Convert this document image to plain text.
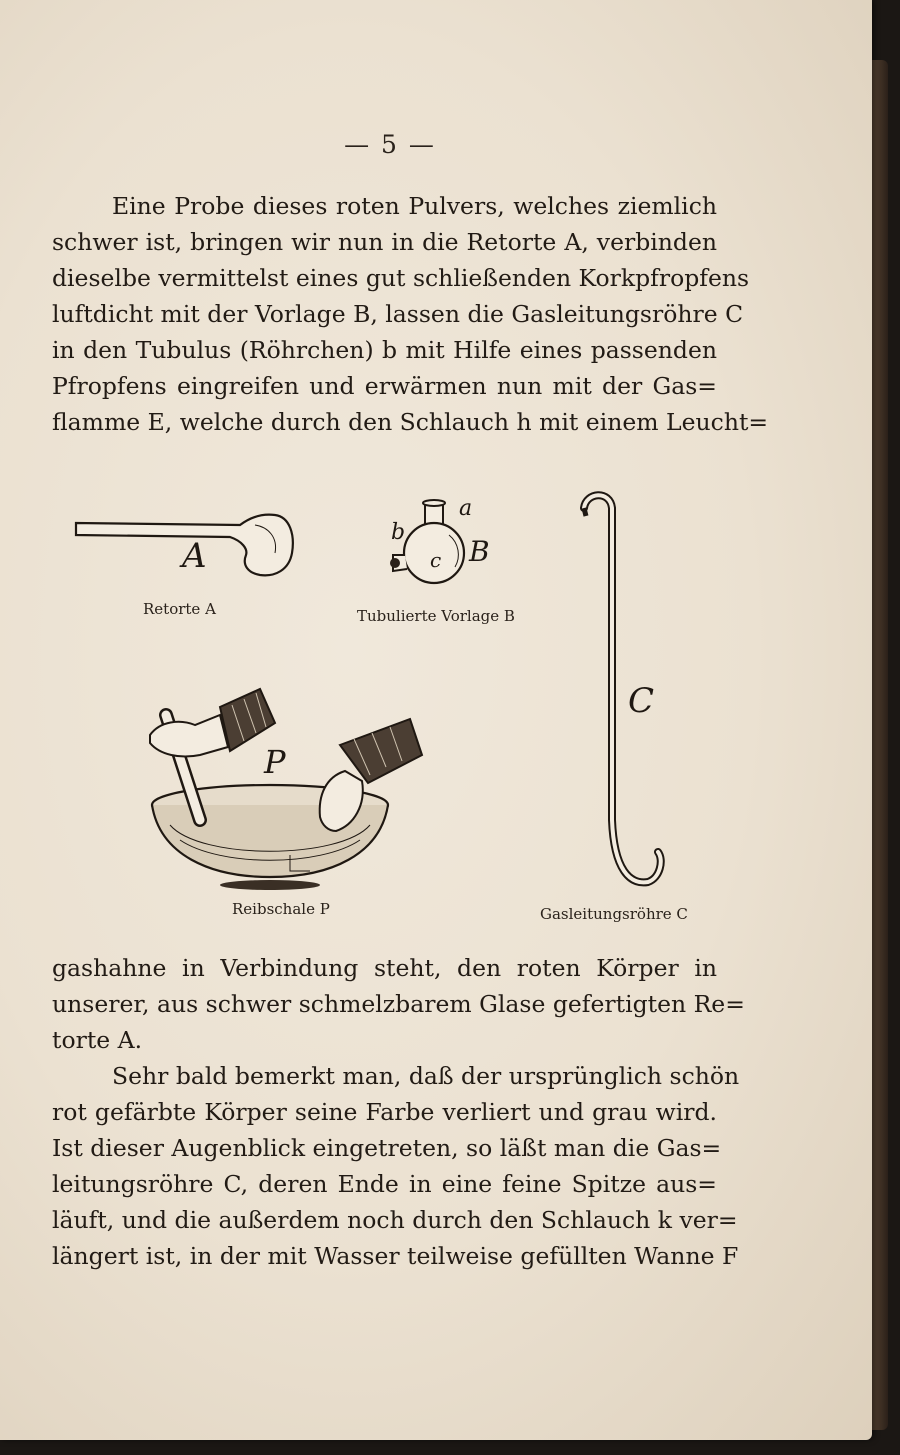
— 5 —
Eine Probe dieses roten Pulvers, welches ziemlich
schwer ist, bringen wir nun in die Retorte A, verbinden
dieselbe vermittelst eines gut schließenden Korkpfropfens
luftdicht mit der Vorlage B, lassen die Gasleitungsröhre C
in den Tubulus (Röhrchen) b mit Hilfe eines passenden
Pfropfens eingreifen und erwärmen nun mit der Gas=
flamme E, welche durch den Schlauch h mit einem Leucht=
A
Retorte A
b
a
c B
Tubulierte Vorlage B
C
Gasleitungsröhre C
P
Reibschale P
gashahne in Verbindung steht, den roten Körper in
unserer, aus schwer schmelzbarem Glase gefertigten Re=
torte A.
Sehr bald bemerkt man, daß der ursprünglich schön
rot gefärbte Körper seine Farbe verliert und grau wird.
Ist dieser Augenblick eingetreten, so läßt man die Gas=
leitungsröhre C, deren Ende in eine feine Spitze aus=
läuft, und die außerdem noch durch den Schlauch k ver=
längert ist, in der mit Wasser teilweise gefüllten Wanne F
